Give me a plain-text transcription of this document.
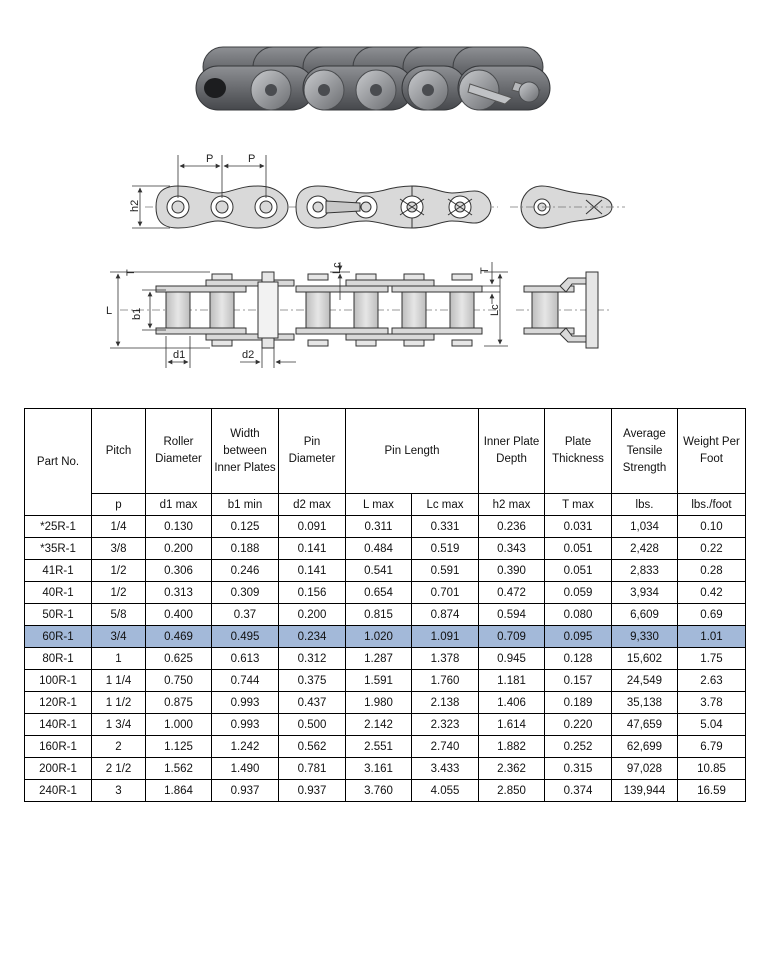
P	P
h2
L b1
T
d1	d2
Lc	T
Lc
Part No.	Pitch	Roller Diameter	Width between Inner Plates	Pin Diameter	Pin Length		Inner Plate Depth	Plate Thickness	Average Tensile Strength	Weight Per Foot
	p	d1 max	b1 min	d2 max	L max	Lc max	h2 max	T max	lbs.	lbs./foot
*25R-1	1/4	0.130	0.125	0.091	0.311	0.331	0.236	0.031	1,034	0.10
*35R-1	3/8	0.200	0.188	0.141	0.484	0.519	0.343	0.051	2,428	0.22
41R-1	1/2	0.306	0.246	0.141	0.541	0.591	0.390	0.051	2,833	0.28
40R-1	1/2	0.313	0.309	0.156	0.654	0.701	0.472	0.059	3,934	0.42
50R-1	5/8	0.400	0.37	0.200	0.815	0.874	0.594	0.080	6,609	0.69
60R-1	3/4	0.469	0.495	0.234	1.020	1.091	0.709	0.095	9,330	1.01
80R-1	1	0.625	0.613	0.312	1.287	1.378	0.945	0.128	15,602	1.75
100R-1	1 1/4	0.750	0.744	0.375	1.591	1.760	1.181	0.157	24,549	2.63
120R-1	1 1/2	0.875	0.993	0.437	1.980	2.138	1.406	0.189	35,138	3.78
140R-1	1 3/4	1.000	0.993	0.500	2.142	2.323	1.614	0.220	47,659	5.04
160R-1	2	1.125	1.242	0.562	2.551	2.740	1.882	0.252	62,699	6.79
200R-1	2 1/2	1.562	1.490	0.781	3.161	3.433	2.362	0.315	97,028	10.85
240R-1	3	1.864	0.937	0.937	3.760	4.055	2.850	0.374	139,944	16.59
